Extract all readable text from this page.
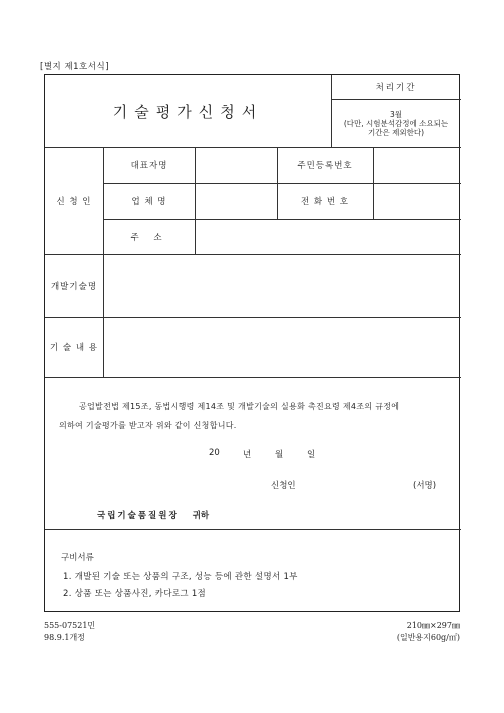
[별지 제1호서식]
기술평가신청서
처리기간
3월
(다만, 시험분석감정에 소요되는
기간은 제외한다)
신 청 인
대표자명	주민등록번호
업 체 명	전 화 번 호
주 소
개발기술명
기 술 내 용
공업발전법 제15조, 동법시행령 제14조 및 개발기술의 실용화 촉진요령 제4조의 규정에
의하여 기술평가를 받고자 위와 같이 신청합니다.
20	년	월	일
신청인	(서명)
국립기술품질원장 귀하
구비서류
1. 개발된 기술 또는 상품의 구조, 성능 등에 관한 설명서 1부
2. 상품 또는 상품사진, 카다로그 1점
555-07521민
98.9.1개정
210㎜×297㎜
(일반용지60g/㎡)
